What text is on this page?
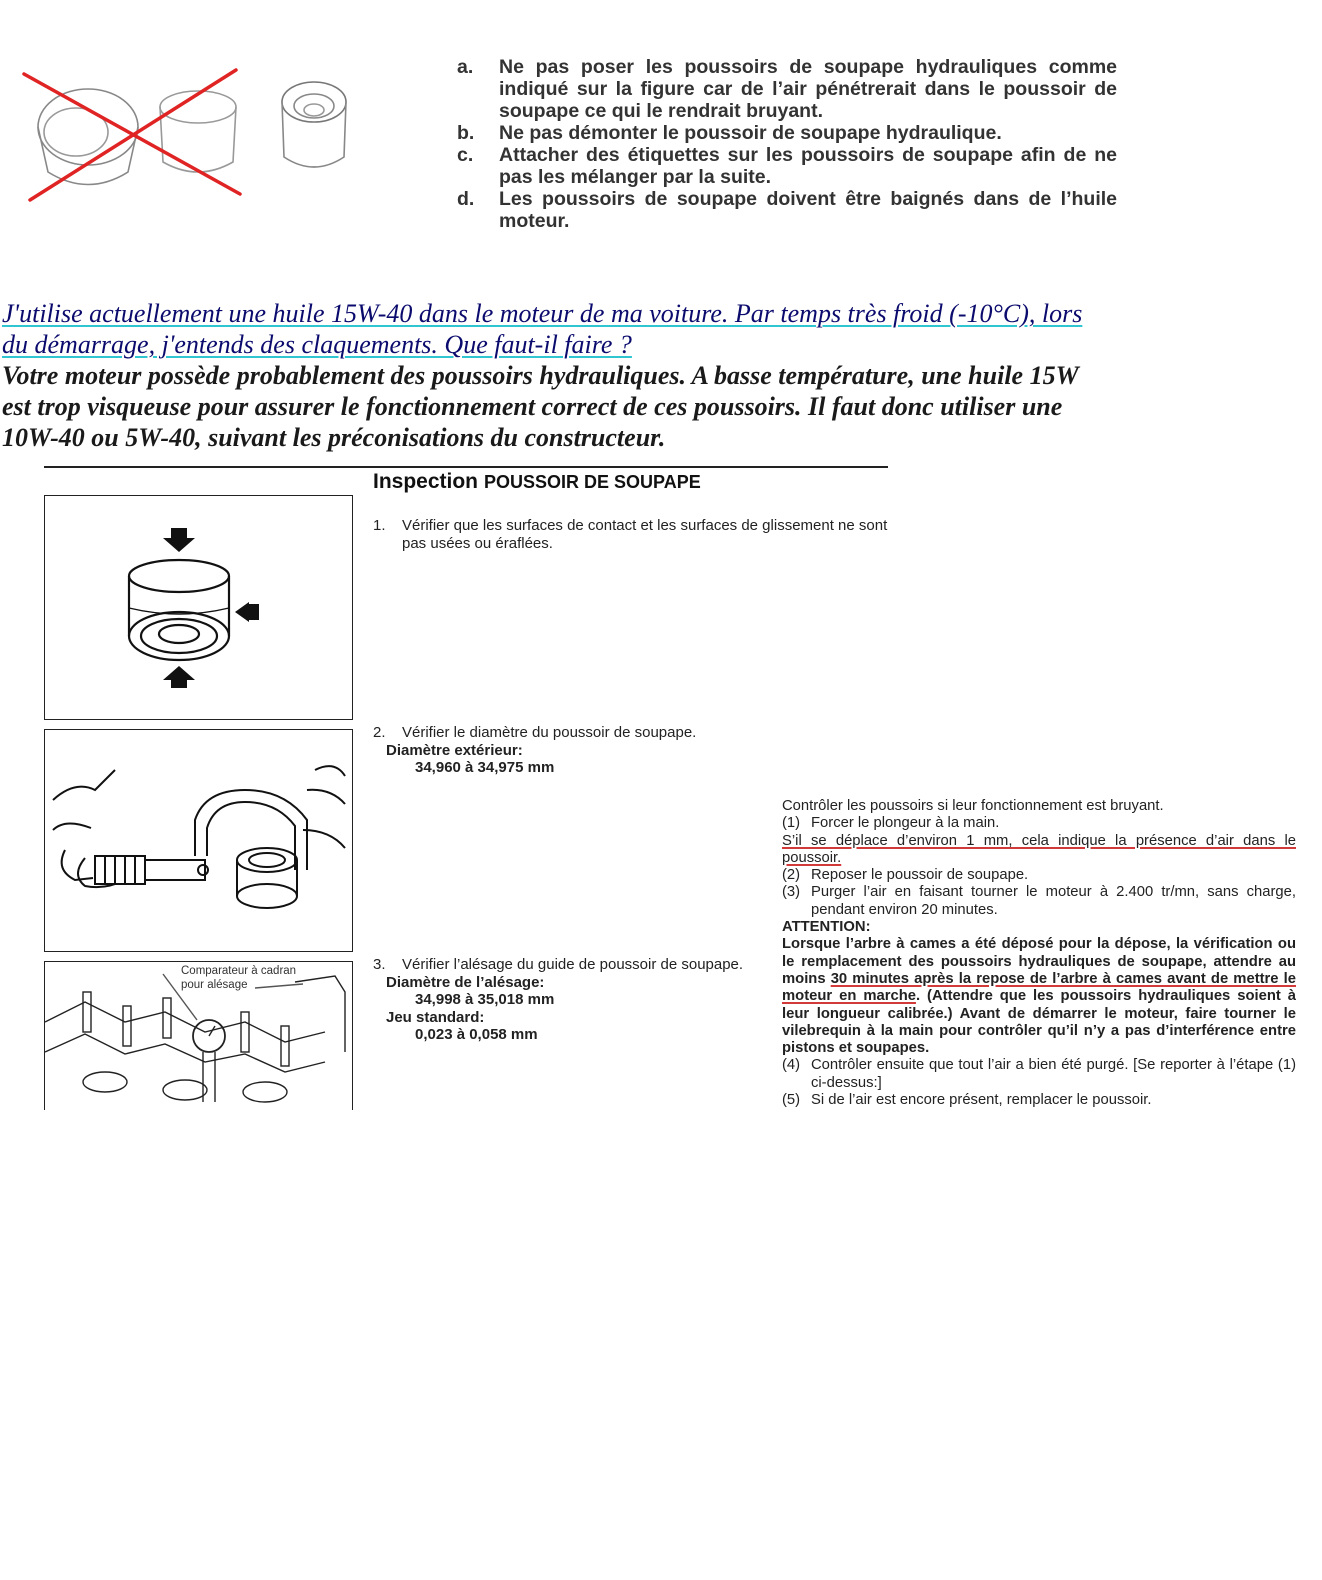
a.	Ne pas poser les poussoirs de soupape hydrauliques comme indiqué sur la figure car de l’air pénétrerait dans le poussoir de soupape ce qui le rendrait bruyant.
b.	Ne pas démonter le poussoir de soupape hydraulique.
c.	Attacher des étiquettes sur les poussoirs de soupape afin de ne pas les mélanger par la suite.
d.	Les poussoirs de soupape doivent être baignés dans de l’huile moteur.
J'utilise actuellement une huile 15W-40 dans le moteur de ma voiture. Par temps très froid (-10°C), lors
du démarrage, j'entends des claquements. Que faut-il faire ?
Votre moteur possède probablement des poussoirs hydrauliques. A basse température, une huile 15W
est trop visqueuse pour assurer le fonctionnement correct de ces poussoirs. Il faut donc utiliser une
10W-40 ou 5W-40, suivant les préconisations du constructeur.
Inspection POUSSOIR DE SOUPAPE
Comparateur à cadran
pour alésage
1. Vérifier que les surfaces de contact et les surfaces de glissement ne sont pas usées ou éraflées.
2. Vérifier le diamètre du poussoir de soupape.
Diamètre extérieur:
34,960 à 34,975 mm
3. Vérifier l’alésage du guide de poussoir de soupape.
Diamètre de l’alésage:
34,998 à 35,018 mm
Jeu standard:
0,023 à 0,058 mm

Contrôler les poussoirs si leur fonctionnement est bruyant.

(1) Forcer le plongeur à la main.

S’il se déplace d’environ 1 mm, cela indique la présence d’air dans le poussoir.

(2) Reposer le poussoir de soupape.
(3) Purger l’air en faisant tourner le moteur à 2.400 tr/mn, sans charge, pendant environ 20 minutes.

ATTENTION:

Lorsque l’arbre à cames a été déposé pour la dépose, la vérification ou le remplacement des poussoirs hydrauliques de soupape, attendre au moins 30 minutes après la repose de l’arbre à cames avant de mettre le moteur en marche. (Attendre que les poussoirs hydrauliques soient à leur longueur calibrée.) Avant de démarrer le moteur, faire tourner le vilebrequin à la main pour contrôler qu’il n’y a pas d’interférence entre pistons et soupapes.

(4) Contrôler ensuite que tout l’air a bien été purgé. [Se reporter à l’étape (1) ci-dessus:]
(5) Si de l’air est encore présent, remplacer le poussoir.
